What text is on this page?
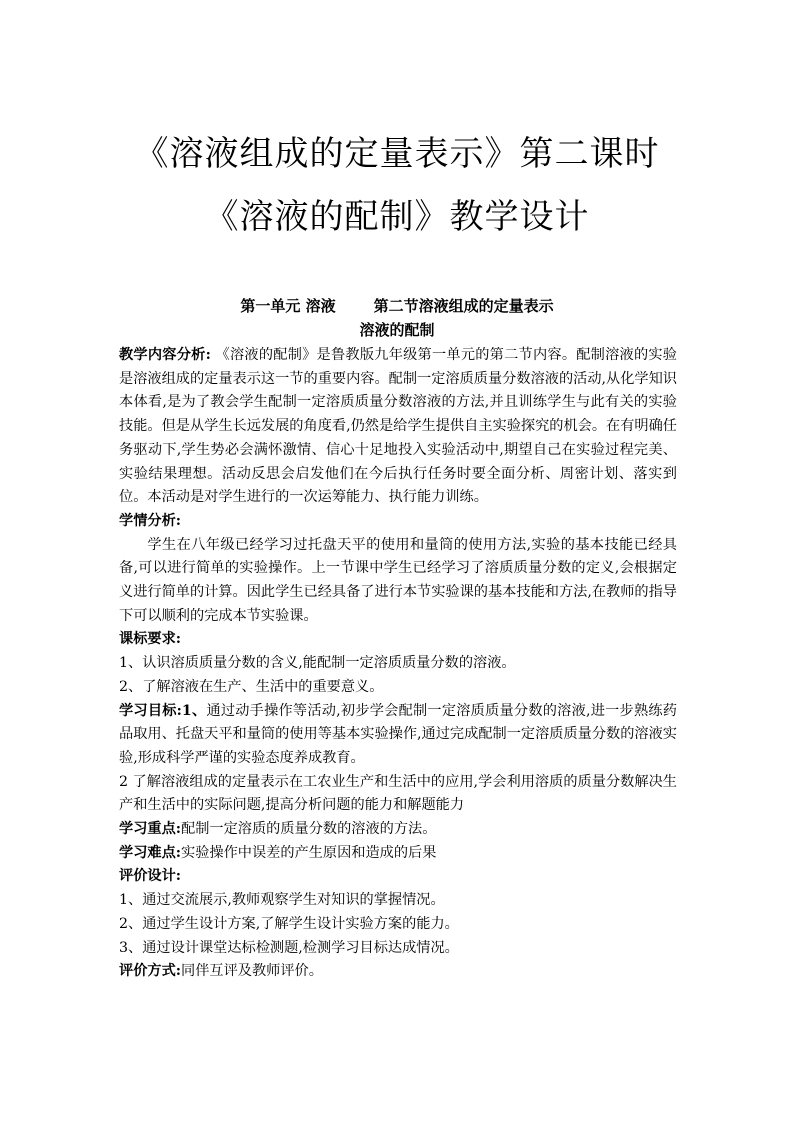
《溶液组成的定量表示》第二课时
《溶液的配制》教学设计
第一单元 溶液	第二节溶液组成的定量表示
溶液的配制

教学内容分析: 《溶液的配制》是鲁教版九年级第一单元的第二节内容。配制溶液的实验是溶液组成的定量表示这一节的重要内容。配制一定溶质质量分数溶液的活动,从化学知识本体看,是为了教会学生配制一定溶质质量分数溶液的方法,并且训练学生与此有关的实验技能。但是从学生长远发展的角度看,仍然是给学生提供自主实验探究的机会。在有明确任务驱动下,学生势必会满怀激情、信心十足地投入实验活动中,期望自己在实验过程完美、实验结果理想。活动反思会启发他们在今后执行任务时要全面分析、周密计划、落实到位。本活动是对学生进行的一次运筹能力、执行能力训练。

学情分析:

学生在八年级已经学习过托盘天平的使用和量筒的使用方法,实验的基本技能已经具备,可以进行简单的实验操作。上一节课中学生已经学习了溶质质量分数的定义,会根据定义进行简单的计算。因此学生已经具备了进行本节实验课的基本技能和方法,在教师的指导下可以顺利的完成本节实验课。

课标要求:

1、认识溶质质量分数的含义,能配制一定溶质质量分数的溶液。

2、了解溶液在生产、生活中的重要意义。

学习目标:1、通过动手操作等活动,初步学会配制一定溶质质量分数的溶液,进一步熟练药品取用、托盘天平和量筒的使用等基本实验操作,通过完成配制一定溶质质量分数的溶液实验,形成科学严谨的实验态度养成教育。

2 了解溶液组成的定量表示在工农业生产和生活中的应用,学会利用溶质的质量分数解决生产和生活中的实际问题,提高分析问题的能力和解题能力

学习重点:配制一定溶质的质量分数的溶液的方法。

学习难点:实验操作中误差的产生原因和造成的后果

评价设计:

1、通过交流展示,教师观察学生对知识的掌握情况。

2、通过学生设计方案,了解学生设计实验方案的能力。

3、通过设计课堂达标检测题,检测学习目标达成情况。

评价方式:同伴互评及教师评价。
